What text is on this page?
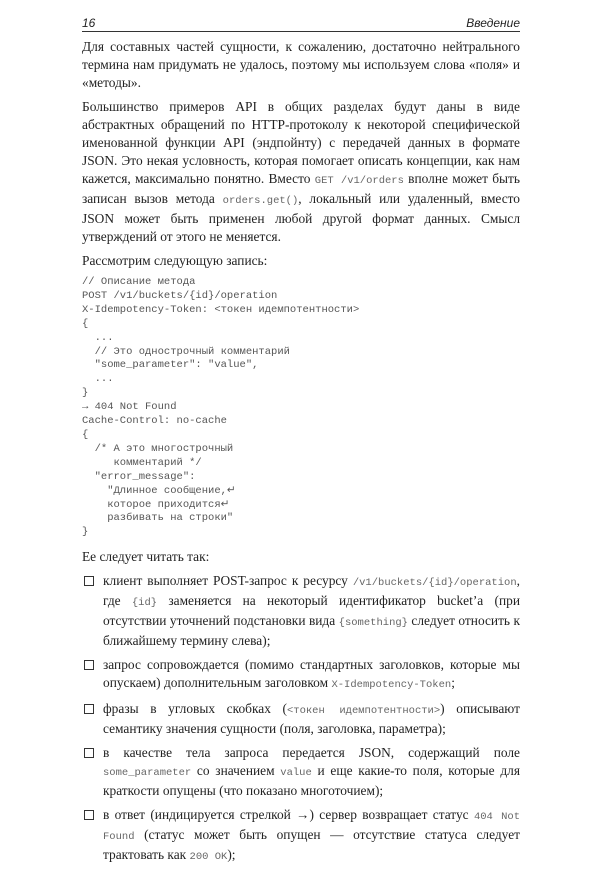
16	Введение

Для составных частей сущности, к сожалению, достаточно нейтрального термина нам придумать не удалось, поэтому мы используем слова «поля» и «методы».

Большинство примеров API в общих разделах будут даны в виде абстрактных обращений по HTTP-протоколу к некоторой специфической именованной функции API (эндпойнту) с передачей данных в формате JSON. Это некая условность, которая помогает описать концепции, как нам кажется, максимально понятно. Вместо GET /v1/orders вполне может быть записан вызов метода orders.get(), локальный или удаленный, вместо JSON может быть применен любой другой формат данных. Смысл утверждений от этого не меняется.

Рассмотрим следующую запись:

// Описание метода
POST /v1/buckets/{id}/operation
X-Idempotency-Token: <токен идемпотентности>
{
...
// Это однострочный комментарий
"some_parameter": "value",
...
}
→ 404 Not Found
Cache-Control: no-cache
{
/* А это многострочный
комментарий */
"error_message":
"Длинное сообщение,↵
которое приходится↵
разбивать на строки"
}

Ее следует читать так:

клиент выполняет POST-запрос к ресурсу /v1/buckets/{id}/operation, где {id} заменяется на некоторый идентификатор bucket’a (при отсутствии уточнений подстановки вида {something} следует относить к ближайшему термину слева);
запрос сопровождается (помимо стандартных заголовков, которые мы опускаем) дополнительным заголовком X-Idempotency-Token;
фразы в угловых скобках (<токен идемпотентности>) описывают семантику значения сущности (поля, заголовка, параметра);
в качестве тела запроса передается JSON, содержащий поле some_parameter со значением value и еще какие-то поля, которые для краткости опущены (что показано многоточием);
в ответ (индицируется стрелкой →) сервер возвращает статус 404 Not Found (статус может быть опущен — отсутствие статуса следует трактовать как 200 OK);
